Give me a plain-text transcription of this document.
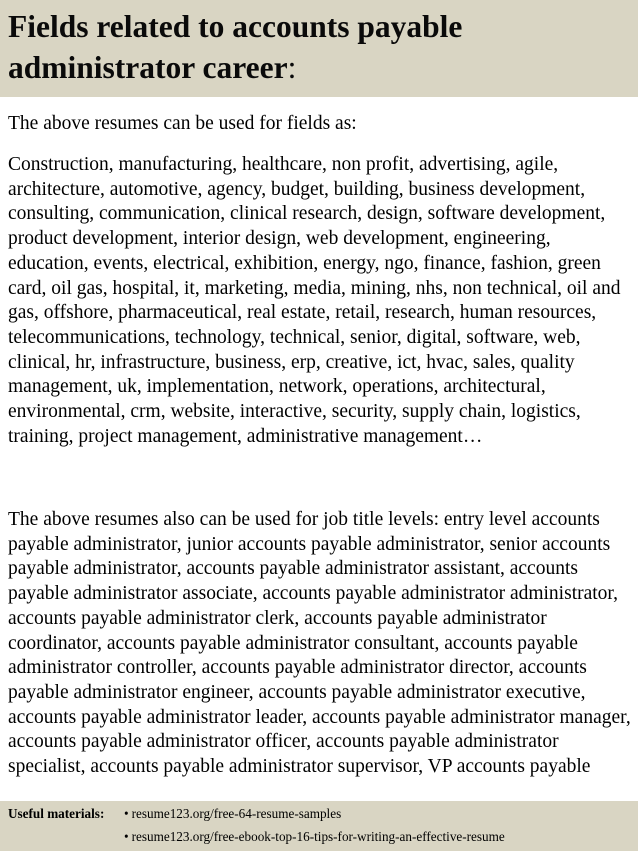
Fields related to accounts payable administrator career:

The above resumes can be used for fields as:

Construction, manufacturing, healthcare, non profit, advertising, agile, architecture, automotive, agency, budget, building, business development, consulting, communication, clinical research, design, software development, product development, interior design, web development, engineering, education, events, electrical, exhibition, energy, ngo, finance, fashion, green card, oil gas, hospital, it, marketing, media, mining, nhs, non technical, oil and gas, offshore, pharmaceutical, real estate, retail, research, human resources, telecommunications, technology, technical, senior, digital, software, web, clinical, hr, infrastructure, business, erp, creative, ict, hvac, sales, quality management, uk, implementation, network, operations, architectural, environmental, crm, website, interactive, security, supply chain, logistics, training, project management, administrative management…

The above resumes also can be used for job title levels: entry level accounts payable administrator, junior accounts payable administrator, senior accounts payable administrator, accounts payable administrator assistant, accounts payable administrator associate, accounts payable administrator administrator, accounts payable administrator clerk, accounts payable administrator coordinator, accounts payable administrator consultant, accounts payable administrator controller, accounts payable administrator director, accounts payable administrator engineer, accounts payable administrator executive, accounts payable administrator leader, accounts payable administrator manager, accounts payable administrator officer, accounts payable administrator specialist, accounts payable administrator supervisor, VP accounts payable

Useful materials: • resume123.org/free-64-resume-samples
• resume123.org/free-ebook-top-16-tips-for-writing-an-effective-resume
